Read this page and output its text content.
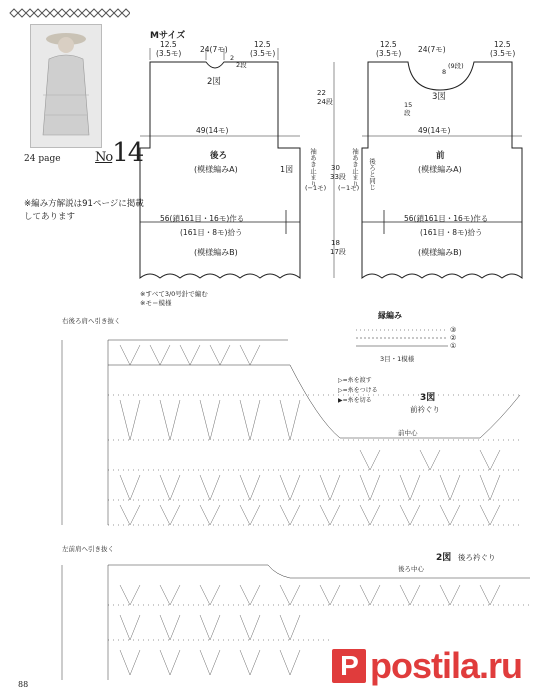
24 page	No14
※編み方解説は91ページに掲載してあります
Mサイズ
12.5
(3.5モ) 24(7モ)
12.5
(3.5モ)
2
2段
2図
49(14モ)
後ろ
(模様編みA)	1図
56(鎖161目・16モ)作る
(161目・8モ)拾う
(模様編みB)
袖あき止まり
(−1モ)
22
24段
30
33段
18
17段
12.5
(3.5モ) 24(7モ)
12.5
(3.5モ)
8
(9段)
15
段
3図
49(14モ)
前
(模様編みA)
後ろと同じ
袖あき止まり
(−1モ)
56(鎖161目・16モ)作る
(161目・8モ)拾う
(模様編みB)
※すべて3/0号針で編む
※モ＝模様
縁編み
③
②
①
3目・1模様
右後ろ肩へ引き抜く
3図
前衿ぐり
前中心
▷=糸を渡す
▷=糸をつける
▶=糸を切る
左前肩へ引き抜く
2図 後ろ衿ぐり
後ろ中心
88
P postila.ru
